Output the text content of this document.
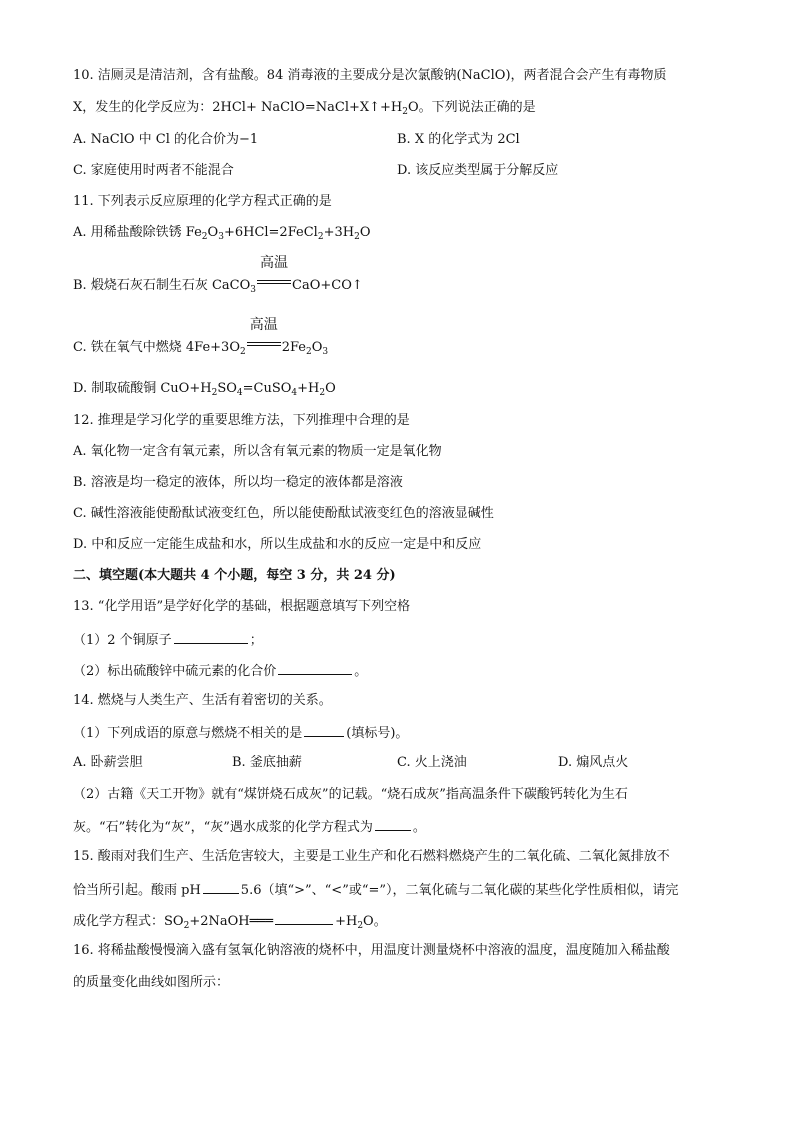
10. 洁厕灵是清洁剂，含有盐酸。84 消毒液的主要成分是次氯酸钠(NaClO)，两者混合会产生有毒物质
X，发生的化学反应为：$2HCl+ NaClO=NaCl+X↑+H_2O$。下列说法正确的是
A. NaClO 中 Cl 的化合价为−1	B. X 的化学式为 2Cl
C. 家庭使用时两者不能混合	D. 该反应类型属于分解反应
11. 下列表示反应原理的化学方程式正确的是
A. 用稀盐酸除铁锈 $Fe_2O_3+6HCl=2FeCl_2+3H_2O$
B. 煅烧石灰石制生石灰 CaCO$_3$
高温
CaO+CO↑
C. 铁在氧气中燃烧 $4Fe+3O_2$
高温
$2Fe_2O_3$
D. 制取硫酸铜 $CuO+H_2SO_4=CuSO_4+H_2O$
12. 推理是学习化学的重要思维方法，下列推理中合理的是
A. 氧化物一定含有氧元素，所以含有氧元素的物质一定是氧化物
B. 溶液是均一稳定的液体，所以均一稳定的液体都是溶液
C. 碱性溶液能使酚酞试液变红色，所以能使酚酞试液变红色的溶液显碱性
D. 中和反应一定能生成盐和水，所以生成盐和水的反应一定是中和反应
二、填空题(本大题共 4 个小题，每空 3 分，共 24 分)
13. “化学用语”是学好化学的基础，根据题意填写下列空格
（1）2 个铜原子	；
（2）标出硫酸锌中硫元素的化合价	。
14. 燃烧与人类生产、生活有着密切的关系。
（1）下列成语的原意与燃烧不相关的是	(填标号)。
A. 卧薪尝胆	B. 釜底抽薪	C. 火上浇油	D. 煽风点火
（2）古籍《天工开物》就有“煤饼烧石成灰”的记载。“烧石成灰”指高温条件下碳酸钙转化为生石
灰。“石”转化为“灰”，“灰”遇水成浆的化学方程式为	。
15. 酸雨对我们生产、生活危害较大，主要是工业生产和化石燃料燃烧产生的二氧化硫、二氧化氮排放不
恰当所引起。酸雨 pH	5.6（填“>”、“<”或“=”），二氧化硫与二氧化碳的某些化学性质相似，请完
成化学方程式：$SO_2+2NaOH═══$	$+H_2O$。
16. 将稀盐酸慢慢滴入盛有氢氧化钠溶液的烧杯中，用温度计测量烧杯中溶液的温度，温度随加入稀盐酸
的质量变化曲线如图所示：
